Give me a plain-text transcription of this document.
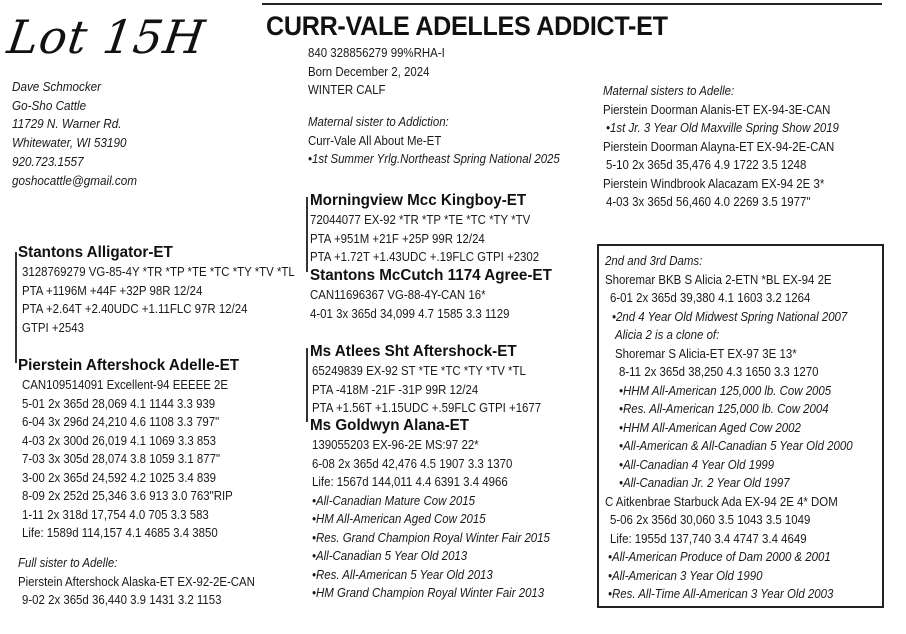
Lot 15H CURR-VALE ADELLES ADDICT-ET
840 328856279 99%RHA-I
Born December 2, 2024
WINTER CALF
Dave Schmocker
Go-Sho Cattle
11729 N. Warner Rd.
Whitewater, WI 53190
920.723.1557
goshocattle@gmail.com
Maternal sister to Addiction:
Curr-Vale All About Me-ET
•1st Summer Yrlg.Northeast Spring National 2025
Morningview Mcc Kingboy-ET
72044077 EX-92 *TR *TP *TE *TC *TY *TV
PTA +951M +21F +25P 99R 12/24
PTA +1.72T +1.43UDC +.19FLC GTPI +2302
Stantons McCutch 1174 Agree-ET
CAN11696367 VG-88-4Y-CAN 16*
4-01 3x 365d 34,099 4.7 1585 3.3 1129
Stantons Alligator-ET
3128769279 VG-85-4Y *TR *TP *TE *TC *TY *TV *TL
PTA +1196M +44F +32P 98R 12/24
PTA +2.64T +2.40UDC +1.11FLC 97R 12/24
GTPI +2543
Pierstein Aftershock Adelle-ET
CAN109514091 Excellent-94 EEEEE 2E
5-01 2x 365d 28,069 4.1 1144 3.3 939
6-04 3x 296d 24,210 4.6 1108 3.3 797"
4-03 2x 300d 26,019 4.1 1069 3.3 853
7-03 3x 305d 28,074 3.8 1059 3.1 877"
3-00 2x 365d 24,592 4.2 1025 3.4 839
8-09 2x 252d 25,346 3.6 913 3.0 763"RIP
1-11 2x 318d 17,754 4.0 705 3.3 583
Life: 1589d 114,157 4.1 4685 3.4 3850
Full sister to Adelle:
Pierstein Aftershock Alaska-ET EX-92-2E-CAN
9-02 2x 365d 36,440 3.9 1431 3.2 1153
Ms Atlees Sht Aftershock-ET
65249839 EX-92 ST *TE *TC *TY *TV *TL
PTA -418M -21F -31P 99R 12/24
PTA +1.56T +1.15UDC +.59FLC GTPI +1677
Ms Goldwyn Alana-ET
139055203 EX-96-2E MS:97 22*
6-08 2x 365d 42,476 4.5 1907 3.3 1370
Life: 1567d 144,011 4.4 6391 3.4 4966
•All-Canadian Mature Cow 2015
•HM All-American Aged Cow 2015
•Res. Grand Champion Royal Winter Fair 2015
•All-Canadian 5 Year Old 2013
•Res. All-American 5 Year Old 2013
•HM Grand Champion Royal Winter Fair 2013
Maternal sisters to Adelle:
Pierstein Doorman Alanis-ET EX-94-3E-CAN
•1st Jr. 3 Year Old Maxville Spring Show 2019
Pierstein Doorman Alayna-ET EX-94-2E-CAN
5-10 2x 365d 35,476 4.9 1722 3.5 1248
Pierstein Windbrook Alacazam EX-94 2E 3*
4-03 3x 365d 56,460 4.0 2269 3.5 1977"
2nd and 3rd Dams:
Shoremar BKB S Alicia 2-ETN *BL EX-94 2E
6-01 2x 365d 39,380 4.1 1603 3.2 1264
•2nd 4 Year Old Midwest Spring National 2007
Alicia 2 is a clone of:
Shoremar S Alicia-ET EX-97 3E 13*
8-11 2x 365d 38,250 4.3 1650 3.3 1270
•HHM All-American 125,000 lb. Cow 2005
•Res. All-American 125,000 lb. Cow 2004
•HHM All-American Aged Cow 2002
•All-American & All-Canadian 5 Year Old 2000
•All-Canadian 4 Year Old 1999
•All-Canadian Jr. 2 Year Old 1997
C Aitkenbrae Starbuck Ada EX-94 2E 4* DOM
5-06 2x 356d 30,060 3.5 1043 3.5 1049
Life: 1955d 137,740 3.4 4747 3.4 4649
•All-American Produce of Dam 2000 & 2001
•All-American 3 Year Old 1990
•Res. All-Time All-American 3 Year Old 2003
